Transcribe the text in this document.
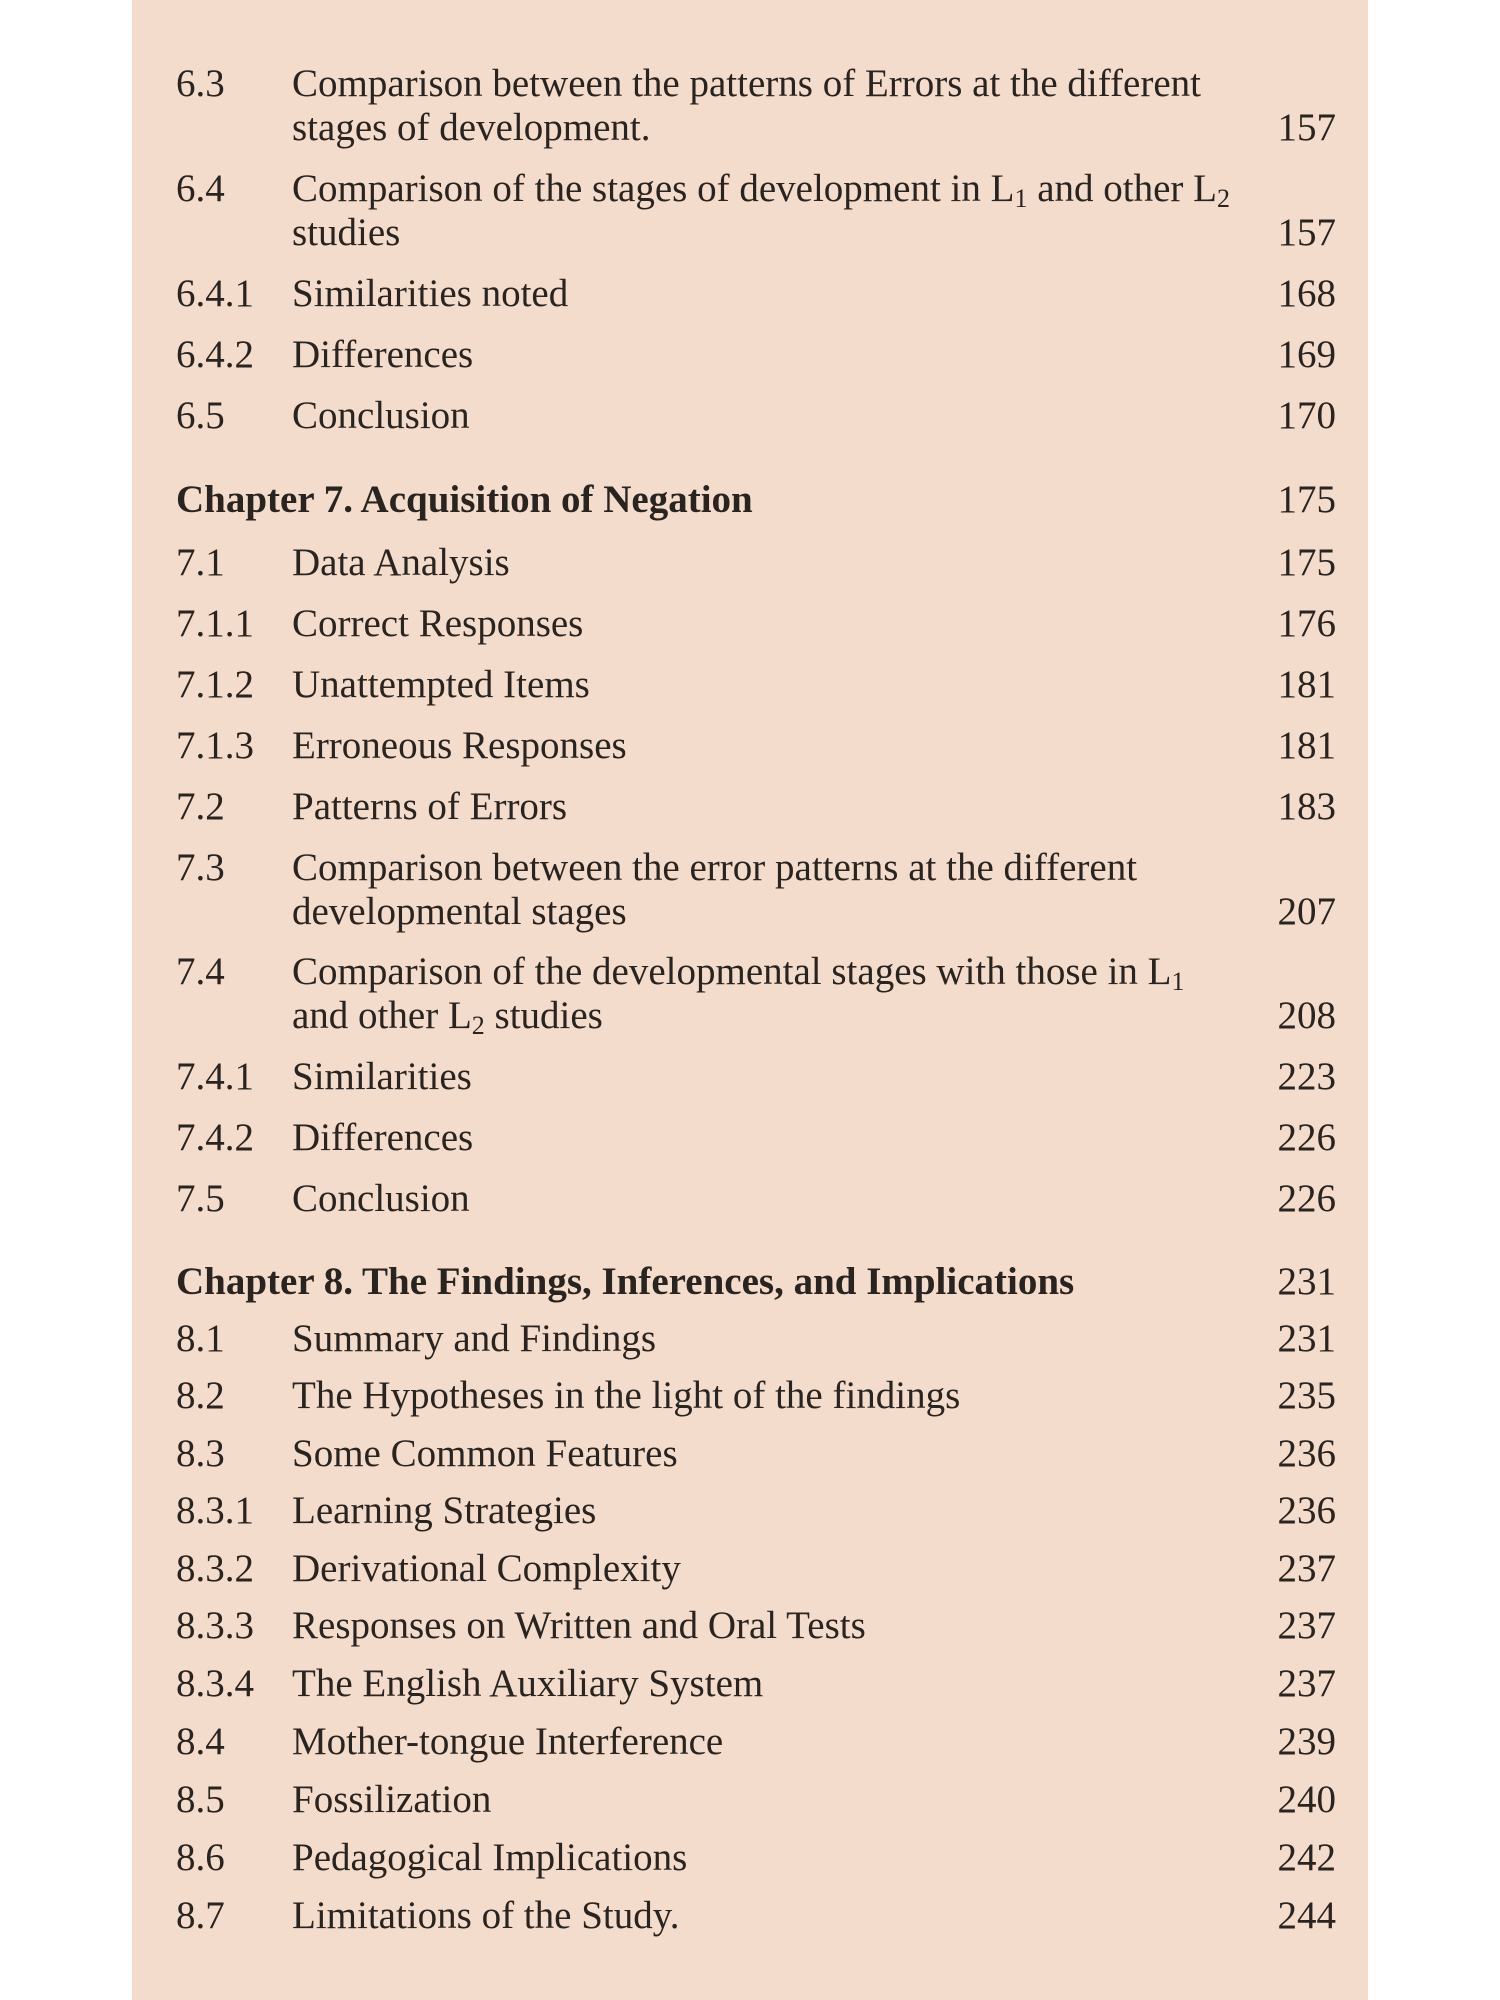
6.3 Comparison between the patterns of Errors at the different stages of development.	157
6.4 Comparison of the stages of development in $L_1$ and other $L_2$ studies	157
6.4.1 Similarities noted	168
6.4.2 Differences	169
6.5 Conclusion	170
Chapter 7. Acquisition of Negation	175
7.1 Data Analysis	175
7.1.1 Correct Responses	176
7.1.2 Unattempted Items	181
7.1.3 Erroneous Responses	181
7.2 Patterns of Errors	183
7.3 Comparison between the error patterns at the different developmental stages	207
7.4 Comparison of the developmental stages with those in $L_1$ and other $L_2$ studies	208
7.4.1 Similarities	223
7.4.2 Differences	226
7.5 Conclusion	226
Chapter 8. The Findings, Inferences, and Implications	231
8.1 Summary and Findings	231
8.2 The Hypotheses in the light of the findings	235
8.3 Some Common Features	236
8.3.1 Learning Strategies	236
8.3.2 Derivational Complexity	237
8.3.3 Responses on Written and Oral Tests	237
8.3.4 The English Auxiliary System	237
8.4 Mother-tongue Interference	239
8.5 Fossilization	240
8.6 Pedagogical Implications	242
8.7 Limitations of the Study.	244
